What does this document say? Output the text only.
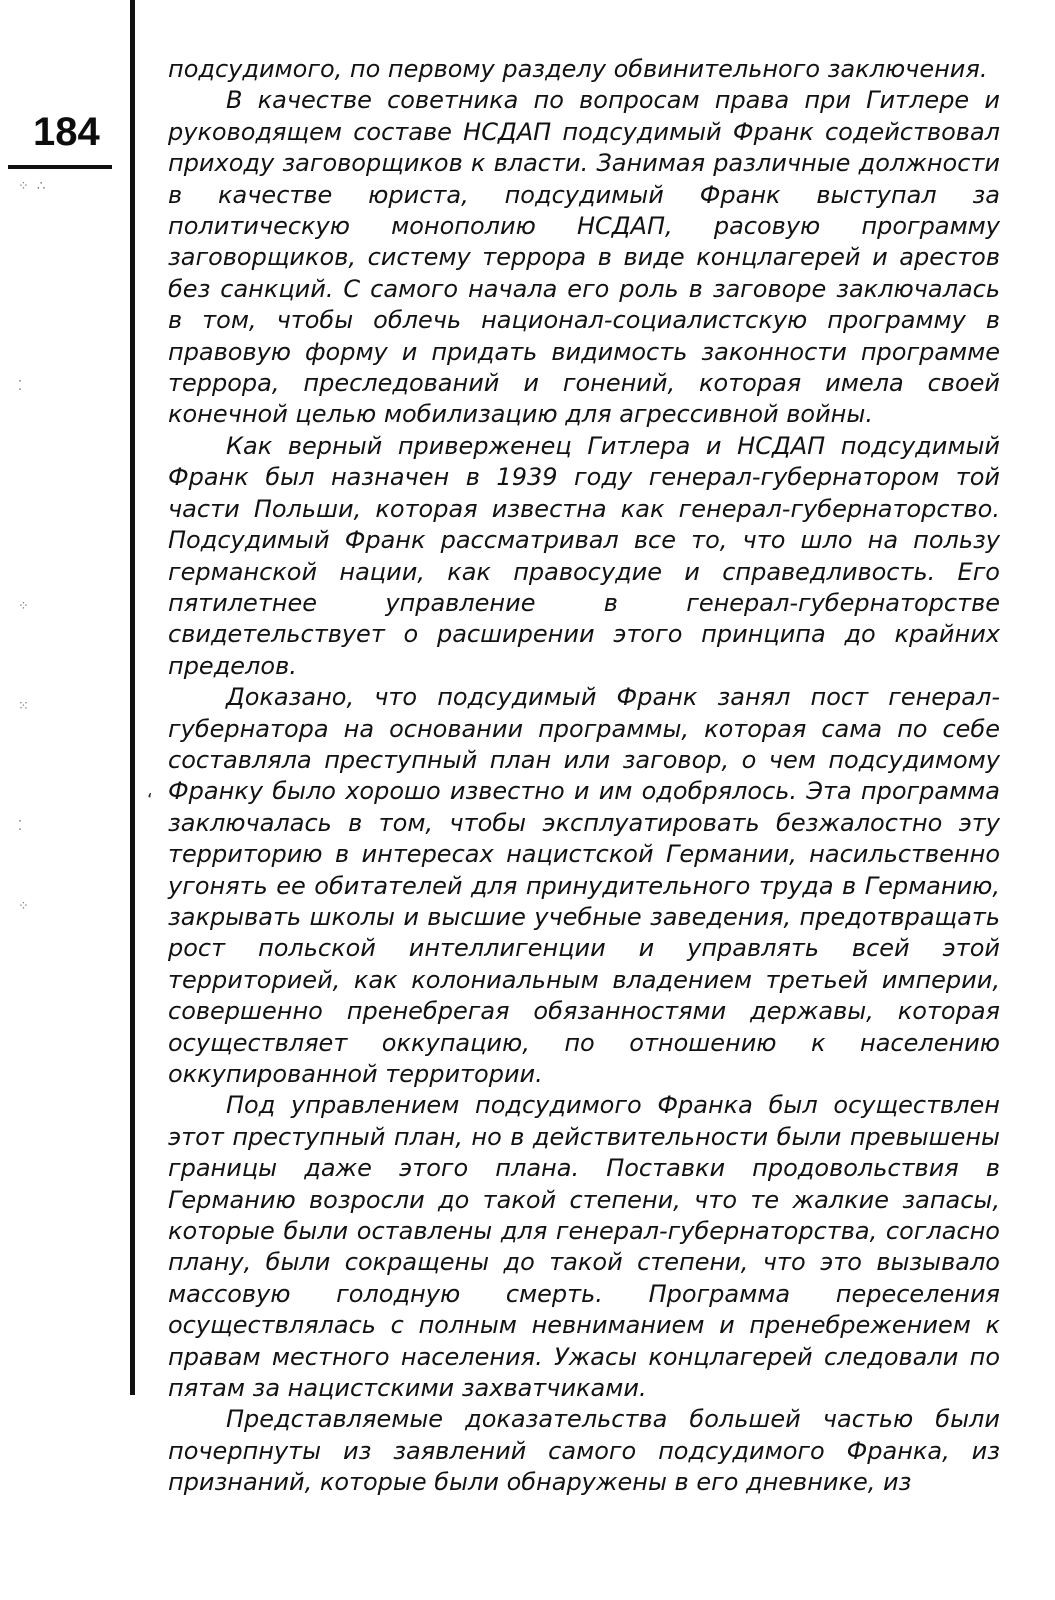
184
⁘ ∴
⁚
⁘
⁙
⁚
⁘
‘

подсудимого, по первому разделу обвинительного заключения.

В качестве советника по вопросам права при Гитлере и руководящем составе НСДАП подсудимый Франк содействовал приходу заговорщиков к власти. Занимая различные должности в качестве юриста, подсудимый Франк выступал за политическую монополию НСДАП, расовую программу заговорщиков, систему террора в виде концлагерей и арестов без санкций. С самого начала его роль в заговоре заключалась в том, чтобы облечь национал-социалистскую программу в правовую форму и придать видимость законности программе террора, преследований и гонений, которая имела своей конечной целью мобилизацию для агрессивной войны.

Как верный приверженец Гитлера и НСДАП подсудимый Франк был назначен в 1939 году генерал-губернатором той части Польши, которая известна как генерал-губернаторство. Подсудимый Франк рассматривал все то, что шло на пользу германской нации, как правосудие и справедливость. Его пятилетнее управление в генерал-губернаторстве свидетельствует о расширении этого принципа до крайних пределов.

Доказано, что подсудимый Франк занял пост генерал-губернатора на основании программы, которая сама по себе составляла преступный план или заговор, о чем подсудимому Франку было хорошо известно и им одобрялось. Эта программа заключалась в том, чтобы эксплуатировать безжалостно эту территорию в интересах нацистской Германии, насильственно угонять ее обитателей для принудительного труда в Германию, закрывать школы и высшие учебные заведения, предотвращать рост польской интеллигенции и управлять всей этой территорией, как колониальным владением третьей империи, совершенно пренебрегая обязанностями державы, которая осуществляет оккупацию, по отношению к населению оккупированной территории.

Под управлением подсудимого Франка был осуществлен этот преступный план, но в действительности были превышены границы даже этого плана. Поставки продовольствия в Германию возросли до такой степени, что те жалкие запасы, которые были оставлены для генерал-губернаторства, согласно плану, были сокращены до такой степени, что это вызывало массовую голодную смерть. Программа переселения осуществлялась с полным невниманием и пренебрежением к правам местного населения. Ужасы концлагерей следовали по пятам за нацистскими захватчиками.

Представляемые доказательства большей частью были почерпнуты из заявлений самого подсудимого Франка, из признаний, которые были обнаружены в его дневнике, из
